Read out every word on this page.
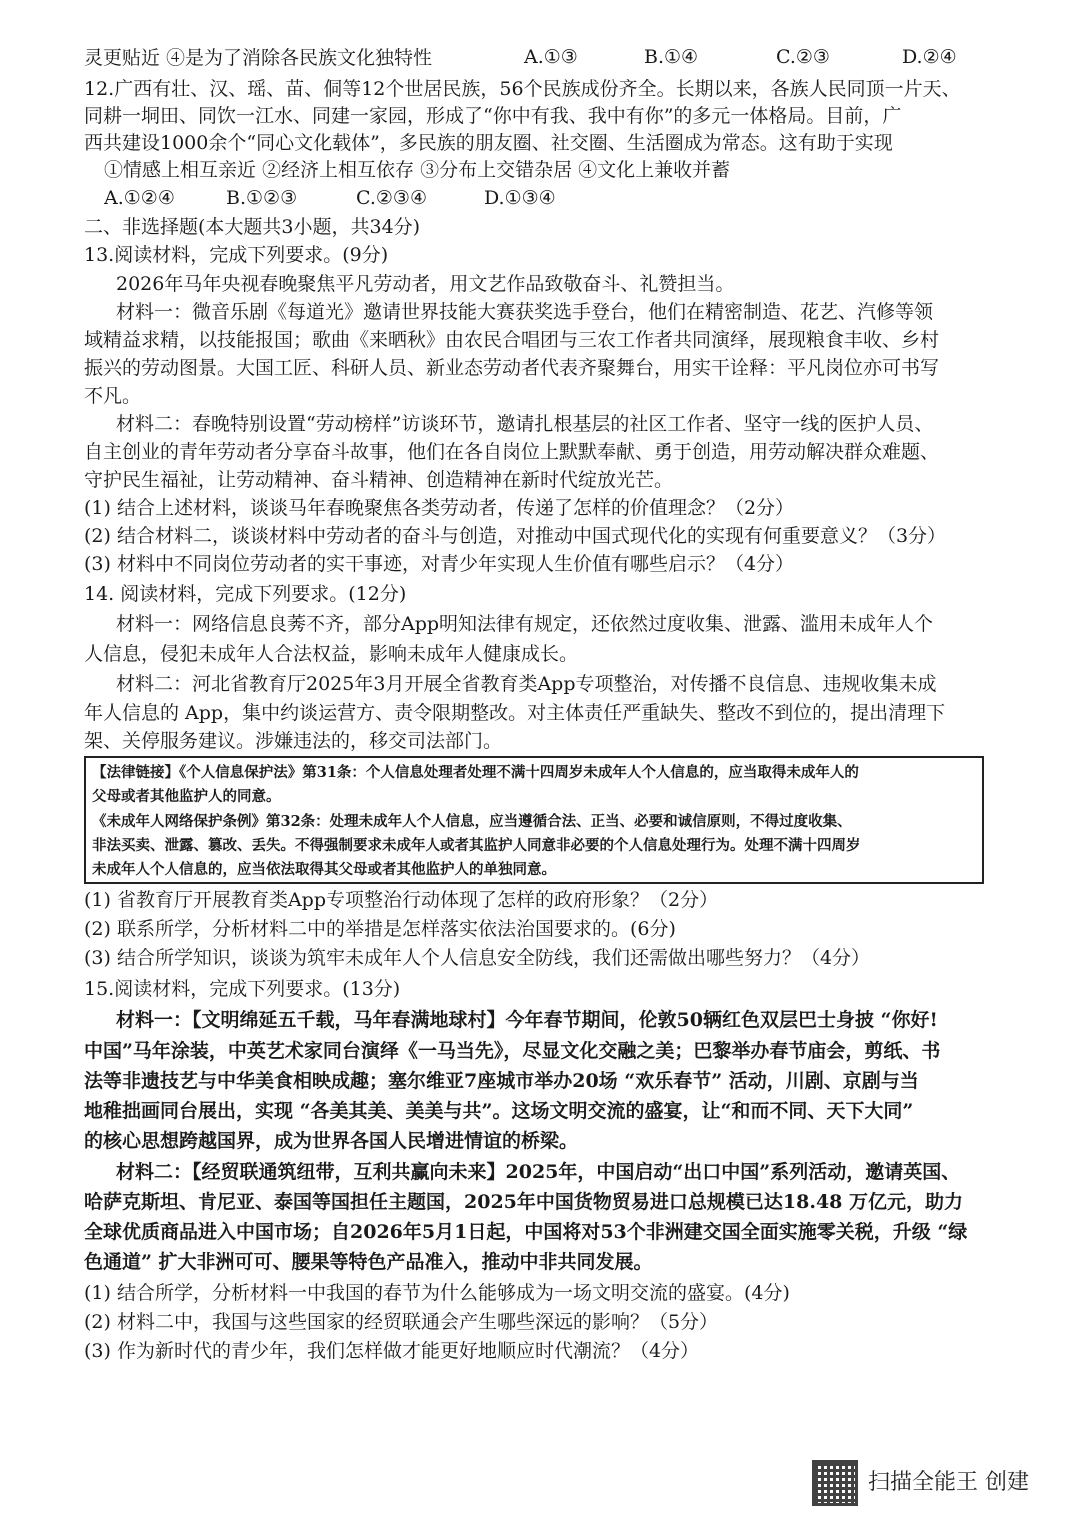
灵更贴近 ④是为了消除各民族文化独特性	A.①③	B.①④	C.②③	D.②④
12.广西有壮、汉、瑶、苗、侗等12个世居民族，56个民族成份齐全。长期以来，各族人民同顶一片天、
同耕一垌田、同饮一江水、同建一家园，形成了“你中有我、我中有你”的多元一体格局。目前，广
西共建设1000余个“同心文化载体”，多民族的朋友圈、社交圈、生活圈成为常态。这有助于实现
①情感上相互亲近 ②经济上相互依存 ③分布上交错杂居 ④文化上兼收并蓄
A.①②④	B.①②③	C.②③④	D.①③④
二、非选择题(本大题共3小题，共34分)
13.阅读材料，完成下列要求。(9分)
2026年马年央视春晚聚焦平凡劳动者，用文艺作品致敬奋斗、礼赞担当。
材料一：微音乐剧《每道光》邀请世界技能大赛获奖选手登台，他们在精密制造、花艺、汽修等领
域精益求精，以技能报国；歌曲《来晒秋》由农民合唱团与三农工作者共同演绎，展现粮食丰收、乡村
振兴的劳动图景。大国工匠、科研人员、新业态劳动者代表齐聚舞台，用实干诠释：平凡岗位亦可书写
不凡。
材料二：春晚特别设置“劳动榜样”访谈环节，邀请扎根基层的社区工作者、坚守一线的医护人员、
自主创业的青年劳动者分享奋斗故事，他们在各自岗位上默默奉献、勇于创造，用劳动解决群众难题、
守护民生福祉，让劳动精神、奋斗精神、创造精神在新时代绽放光芒。
(1) 结合上述材料，谈谈马年春晚聚焦各类劳动者，传递了怎样的价值理念？（2分）
(2) 结合材料二，谈谈材料中劳动者的奋斗与创造，对推动中国式现代化的实现有何重要意义？（3分）
(3) 材料中不同岗位劳动者的实干事迹，对青少年实现人生价值有哪些启示？（4分）
14. 阅读材料，完成下列要求。(12分)
材料一：网络信息良莠不齐，部分App明知法律有规定，还依然过度收集、泄露、滥用未成年人个
人信息，侵犯未成年人合法权益，影响未成年人健康成长。
材料二：河北省教育厅2025年3月开展全省教育类App专项整治，对传播不良信息、违规收集未成
年人信息的 App，集中约谈运营方、责令限期整改。对主体责任严重缺失、整改不到位的，提出清理下
架、关停服务建议。涉嫌违法的，移交司法部门。
【法律链接】《个人信息保护法》第31条：个人信息处理者处理不满十四周岁未成年人个人信息的，应当取得未成年人的
父母或者其他监护人的同意。
《未成年人网络保护条例》第32条：处理未成年人个人信息，应当遵循合法、正当、必要和诚信原则，不得过度收集、
非法买卖、泄露、篡改、丢失。不得强制要求未成年人或者其监护人同意非必要的个人信息处理行为。处理不满十四周岁
未成年人个人信息的，应当依法取得其父母或者其他监护人的单独同意。
(1) 省教育厅开展教育类App专项整治行动体现了怎样的政府形象？（2分）
(2) 联系所学，分析材料二中的举措是怎样落实依法治国要求的。(6分)
(3) 结合所学知识，谈谈为筑牢未成年人个人信息安全防线，我们还需做出哪些努力？（4分）
15.阅读材料，完成下列要求。(13分)
材料一：【文明绵延五千载，马年春满地球村】今年春节期间，伦敦50辆红色双层巴士身披 “你好!
中国”马年涂装，中英艺术家同台演绎《一马当先》，尽显文化交融之美；巴黎举办春节庙会，剪纸、书
法等非遗技艺与中华美食相映成趣；塞尔维亚7座城市举办20场 “欢乐春节” 活动，川剧、京剧与当
地稚拙画同台展出，实现 “各美其美、美美与共”。这场文明交流的盛宴，让“和而不同、天下大同”
的核心思想跨越国界，成为世界各国人民增进情谊的桥梁。
材料二：【经贸联通筑纽带，互利共赢向未来】2025年，中国启动“出口中国”系列活动，邀请英国、
哈萨克斯坦、肯尼亚、泰国等国担任主题国，2025年中国货物贸易进口总规模已达18.48 万亿元，助力
全球优质商品进入中国市场；自2026年5月1日起，中国将对53个非洲建交国全面实施零关税，升级 “绿
色通道” 扩大非洲可可、腰果等特色产品准入，推动中非共同发展。
(1) 结合所学，分析材料一中我国的春节为什么能够成为一场文明交流的盛宴。(4分)
(2) 材料二中，我国与这些国家的经贸联通会产生哪些深远的影响？（5分）
(3) 作为新时代的青少年，我们怎样做才能更好地顺应时代潮流？（4分）
扫描全能王 创建
